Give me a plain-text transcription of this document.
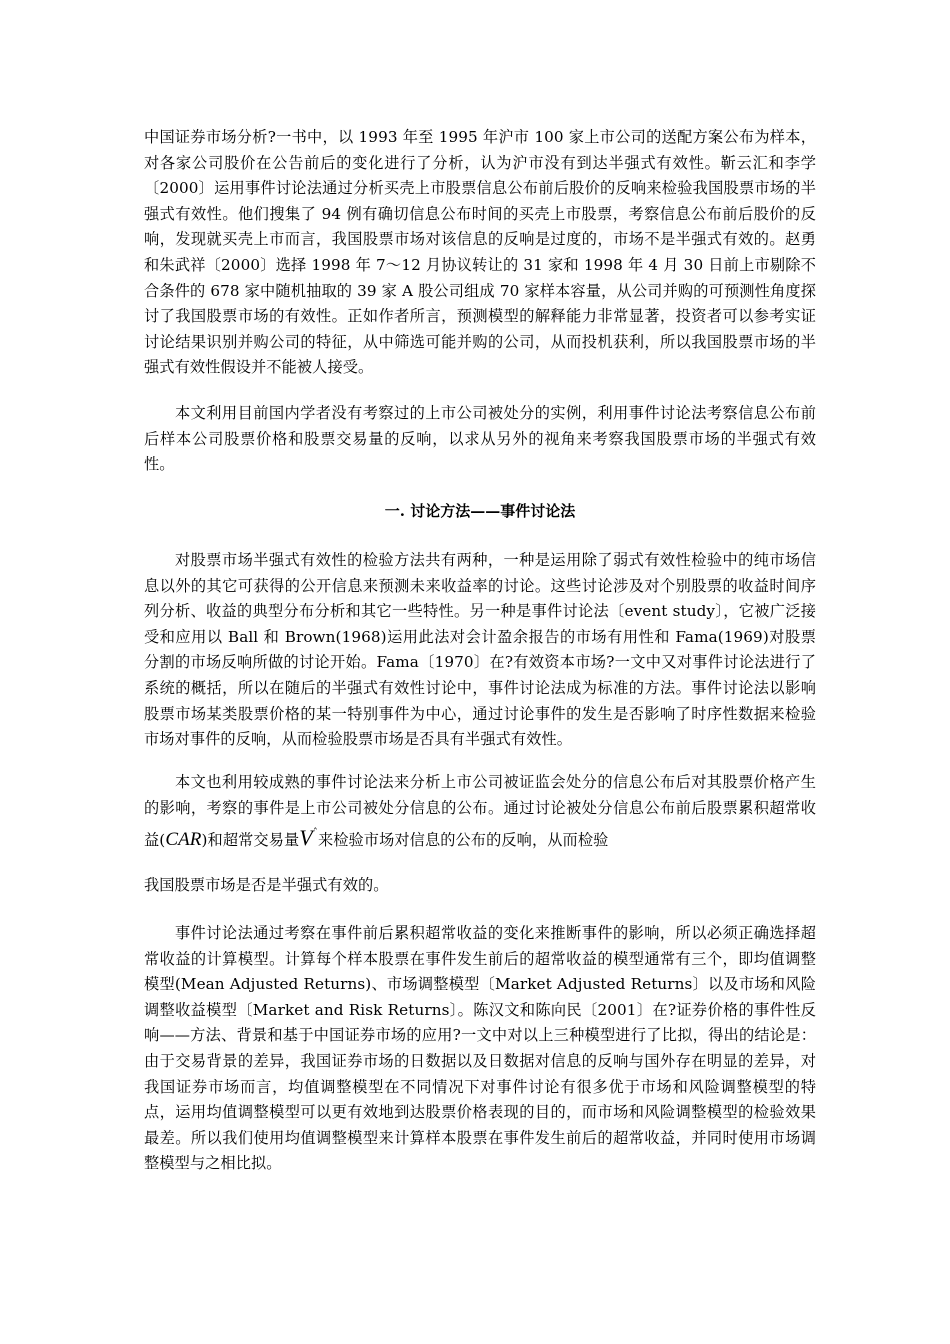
中国证券市场分析?一书中，以 1993 年至 1995 年沪市 100 家上市公司的送配方案公布为样本，对各家公司股价在公告前后的变化进行了分析，认为沪市没有到达半强式有效性。靳云汇和李学〔2000〕运用事件讨论法通过分析买壳上市股票信息公布前后股价的反响来检验我国股票市场的半强式有效性。他们搜集了 94 例有确切信息公布时间的买壳上市股票，考察信息公布前后股价的反响，发现就买壳上市而言，我国股票市场对该信息的反响是过度的，市场不是半强式有效的。赵勇和朱武祥〔2000〕选择 1998 年 7～12 月协议转让的 31 家和 1998 年 4 月 30 日前上市剔除不合条件的 678 家中随机抽取的 39 家 A 股公司组成 70 家样本容量，从公司并购的可预测性角度探讨了我国股票市场的有效性。正如作者所言，预测模型的解释能力非常显著，投资者可以参考实证讨论结果识别并购公司的特征，从中筛选可能并购的公司，从而投机获利，所以我国股票市场的半强式有效性假设并不能被人接受。

本文利用目前国内学者没有考察过的上市公司被处分的实例，利用事件讨论法考察信息公布前后样本公司股票价格和股票交易量的反响，以求从另外的视角来考察我国股票市场的半强式有效性。

一. 讨论方法——事件讨论法

对股票市场半强式有效性的检验方法共有两种，一种是运用除了弱式有效性检验中的纯市场信息以外的其它可获得的公开信息来预测未来收益率的讨论。这些讨论涉及对个别股票的收益时间序列分析、收益的典型分布分析和其它一些特性。另一种是事件讨论法〔event study〕，它被广泛接受和应用以 Ball 和 Brown(1968)运用此法对会计盈余报告的市场有用性和 Fama(1969)对股票分割的市场反响所做的讨论开始。Fama〔1970〕在?有效资本市场?一文中又对事件讨论法进行了系统的概括，所以在随后的半强式有效性讨论中，事件讨论法成为标准的方法。事件讨论法以影响股票市场某类股票价格的某一特别事件为中心，通过讨论事件的发生是否影响了时序性数据来检验市场对事件的反响，从而检验股票市场是否具有半强式有效性。

本文也利用较成熟的事件讨论法来分析上市公司被证监会处分的信息公布后对其股票价格产生的影响，考察的事件是上市公司被处分信息的公布。通过讨论被处分信息公布前后股票累积超常收益(CAR)和超常交易量$V^ˆ$来检验市场对信息的公布的反响，从而检验

我国股票市场是否是半强式有效的。

事件讨论法通过考察在事件前后累积超常收益的变化来推断事件的影响，所以必须正确选择超常收益的计算模型。计算每个样本股票在事件发生前后的超常收益的模型通常有三个，即均值调整模型(Mean Adjusted Returns)、市场调整模型〔Market Adjusted Returns〕以及市场和风险调整收益模型〔Market and Risk Returns〕。陈汉文和陈向民〔2001〕在?证券价格的事件性反响——方法、背景和基于中国证券市场的应用?一文中对以上三种模型进行了比拟，得出的结论是：由于交易背景的差异，我国证券市场的日数据以及日数据对信息的反响与国外存在明显的差异，对我国证券市场而言，均值调整模型在不同情况下对事件讨论有很多优于市场和风险调整模型的特点，运用均值调整模型可以更有效地到达股票价格表现的目的，而市场和风险调整模型的检验效果最差。所以我们使用均值调整模型来计算样本股票在事件发生前后的超常收益，并同时使用市场调整模型与之相比拟。
